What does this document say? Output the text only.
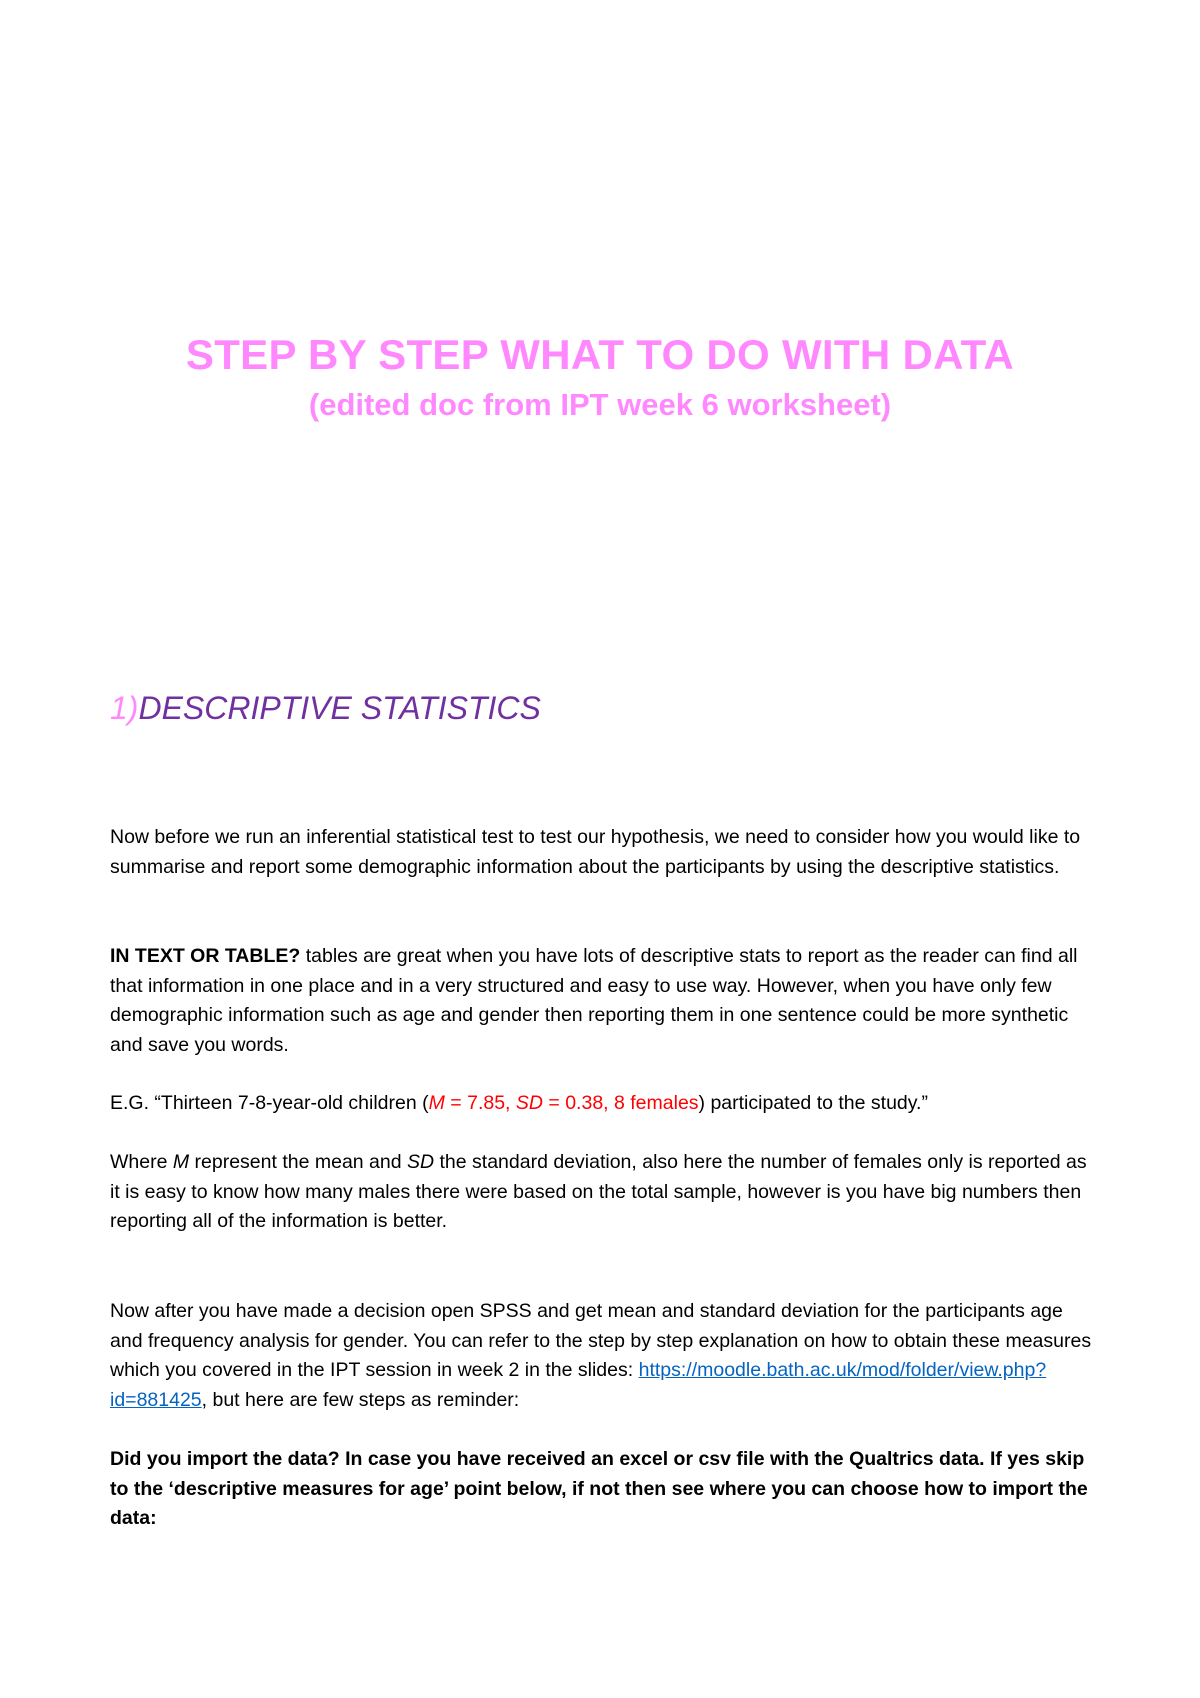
STEP BY STEP WHAT TO DO WITH DATA

(edited doc from IPT week 6 worksheet)

1)DESCRIPTIVE STATISTICS

Now before we run an inferential statistical test to test our hypothesis, we need to consider how you would like to summarise and report some demographic information about the participants by using the descriptive statistics.

IN TEXT OR TABLE? tables are great when you have lots of descriptive stats to report as the reader can find all that information in one place and in a very structured and easy to use way. However, when you have only few demographic information such as age and gender then reporting them in one sentence could be more synthetic and save you words.

E.G. “Thirteen 7-8-year-old children (M = 7.85, SD = 0.38, 8 females) participated to the study.”

Where M represent the mean and SD the standard deviation, also here the number of females only is reported as it is easy to know how many males there were based on the total sample, however is you have big numbers then reporting all of the information is better.

Now after you have made a decision open SPSS and get mean and standard deviation for the participants age and frequency analysis for gender. You can refer to the step by step explanation on how to obtain these measures which you covered in the IPT session in week 2 in the slides: https://moodle.bath.ac.uk/mod/folder/view.php?id=881425, but here are few steps as reminder:

Did you import the data? In case you have received an excel or csv file with the Qualtrics data. If yes skip to the ‘descriptive measures for age’ point below, if not then see where you can choose how to import the data:
